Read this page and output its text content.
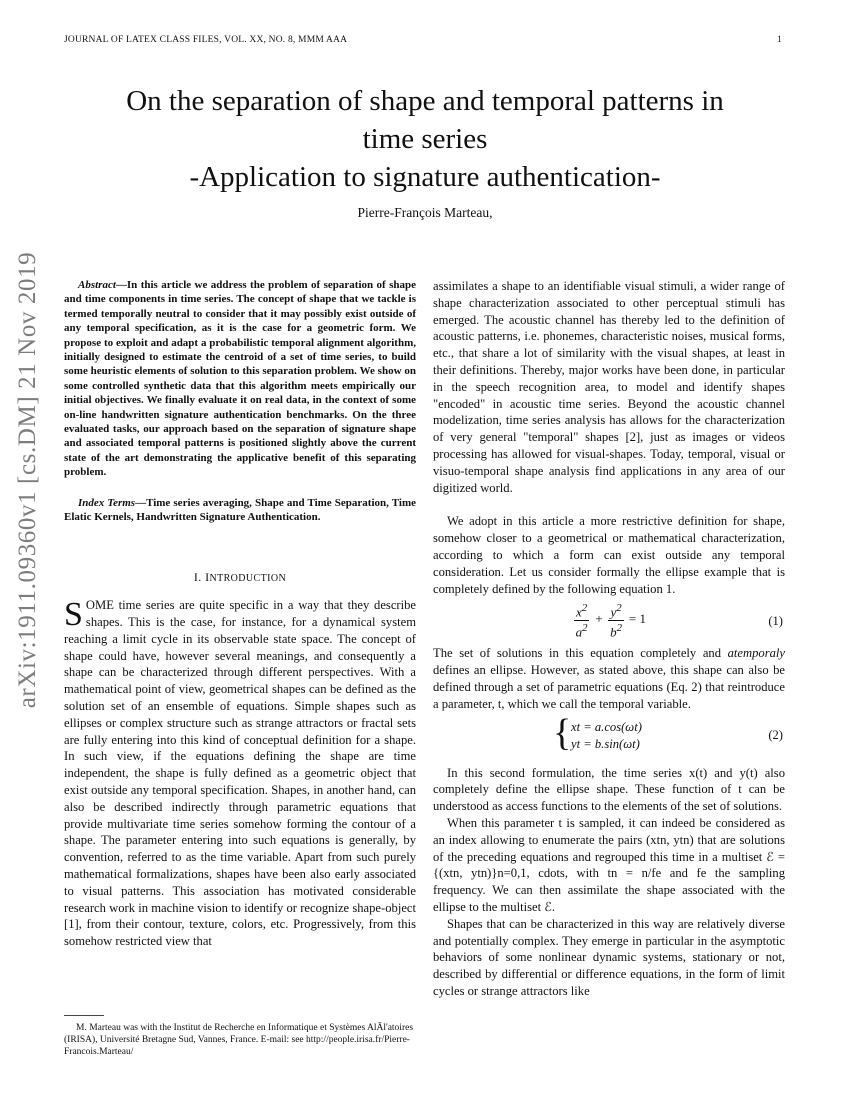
JOURNAL OF LATEX CLASS FILES, VOL. XX, NO. 8, MMM AAA	1
On the separation of shape and temporal patterns in
time series
-Application to signature authentication-
Pierre-François Marteau,
arXiv:1911.09360v1 [cs.DM] 21 Nov 2019	Abstract—In this article we address the problem of separation of shape and time components in time series. The concept of shape that we tackle is termed temporally neutral to consider that it may possibly exist outside of any temporal specification, as it is the case for a geometric form. We propose to exploit and adapt a probabilistic temporal alignment algorithm, initially designed to estimate the centroid of a set of time series, to build some heuristic elements of solution to this separation problem. We show on some controlled synthetic data that this algorithm meets empirically our initial objectives. We finally evaluate it on real data, in the context of some on-line handwritten signature authentication benchmarks. On the three evaluated tasks, our approach based on the separation of signature shape and associated temporal patterns is positioned slightly above the current state of the art demonstrating the applicative benefit of this separating problem.

Index Terms—Time series averaging, Shape and Time Separation, Time Elatic Kernels, Handwritten Signature Authentication.

I. INTRODUCTION

SOME time series are quite specific in a way that they describe shapes. This is the case, for instance, for a dynamical system reaching a limit cycle in its observable state space. The concept of shape could have, however several meanings, and consequently a shape can be characterized through different perspectives. With a mathematical point of view, geometrical shapes can be defined as the solution set of an ensemble of equations. Simple shapes such as ellipses or complex structure such as strange attractors or fractal sets are fully entering into this kind of conceptual definition for a shape. In such view, if the equations defining the shape are time independent, the shape is fully defined as a geometric object that exist outside any temporal specification. Shapes, in another hand, can also be described indirectly through parametric equations that provide multivariate time series somehow forming the contour of a shape. The parameter entering into such equations is generally, by convention, referred to as the time variable. Apart from such purely mathematical formalizations, shapes have been also early associated to visual patterns. This association has motivated considerable research work in machine vision to identify or recognize shape-object [1], from their contour, texture, colors, etc. Progressively, from this somehow restricted view that

M. Marteau was with the Institut de Recherche en Informatique et Systèmes AlÃl'atoires (IRISA), Université Bretagne Sud, Vannes, France. E-mail: see http://people.irisa.fr/Pierre-Francois.Marteau/

assimilates a shape to an identifiable visual stimuli, a wider range of shape characterization associated to other perceptual stimuli has emerged. The acoustic channel has thereby led to the definition of acoustic patterns, i.e. phonemes, characteristic noises, musical forms, etc., that share a lot of similarity with the visual shapes, at least in their definitions. Thereby, major works have been done, in particular in the speech recognition area, to model and identify shapes "encoded" in acoustic time series. Beyond the acoustic channel modelization, time series analysis has allows for the characterization of very general "temporal" shapes [2], just as images or videos processing has allowed for visual-shapes. Today, temporal, visual or visuo-temporal shape analysis find applications in any area of our digitized world.

We adopt in this article a more restrictive definition for shape, somehow closer to a geometrical or mathematical characterization, according to which a form can exist outside any temporal consideration. Let us consider formally the ellipse example that is completely defined by the following equation 1.

$\frac{x^2}{a^2} + \frac{y^2}{b^2} = 1$	(1)

The set of solutions in this equation completely and atemporaly defines an ellipse. However, as stated above, this shape can also be defined through a set of parametric equations (Eq. 2) that reintroduce a parameter, t, which we call the temporal variable.

{ xt = a.cos(ωt)
yt = b.sin(ωt)
(2)

In this second formulation, the time series x(t) and y(t) also completely define the ellipse shape. These function of t can be understood as access functions to the elements of the set of solutions.

When this parameter t is sampled, it can indeed be considered as an index allowing to enumerate the pairs (xtn, ytn) that are solutions of the preceding equations and regrouped this time in a multiset ℰ = {(xtn, ytn)}n=0,1, cdots, with tn = n/fe and fe the sampling frequency. We can then assimilate the shape associated with the ellipse to the multiset ℰ.

Shapes that can be characterized in this way are relatively diverse and potentially complex. They emerge in particular in the asymptotic behaviors of some nonlinear dynamic systems, stationary or not, described by differential or difference equations, in the form of limit cycles or strange attractors like
